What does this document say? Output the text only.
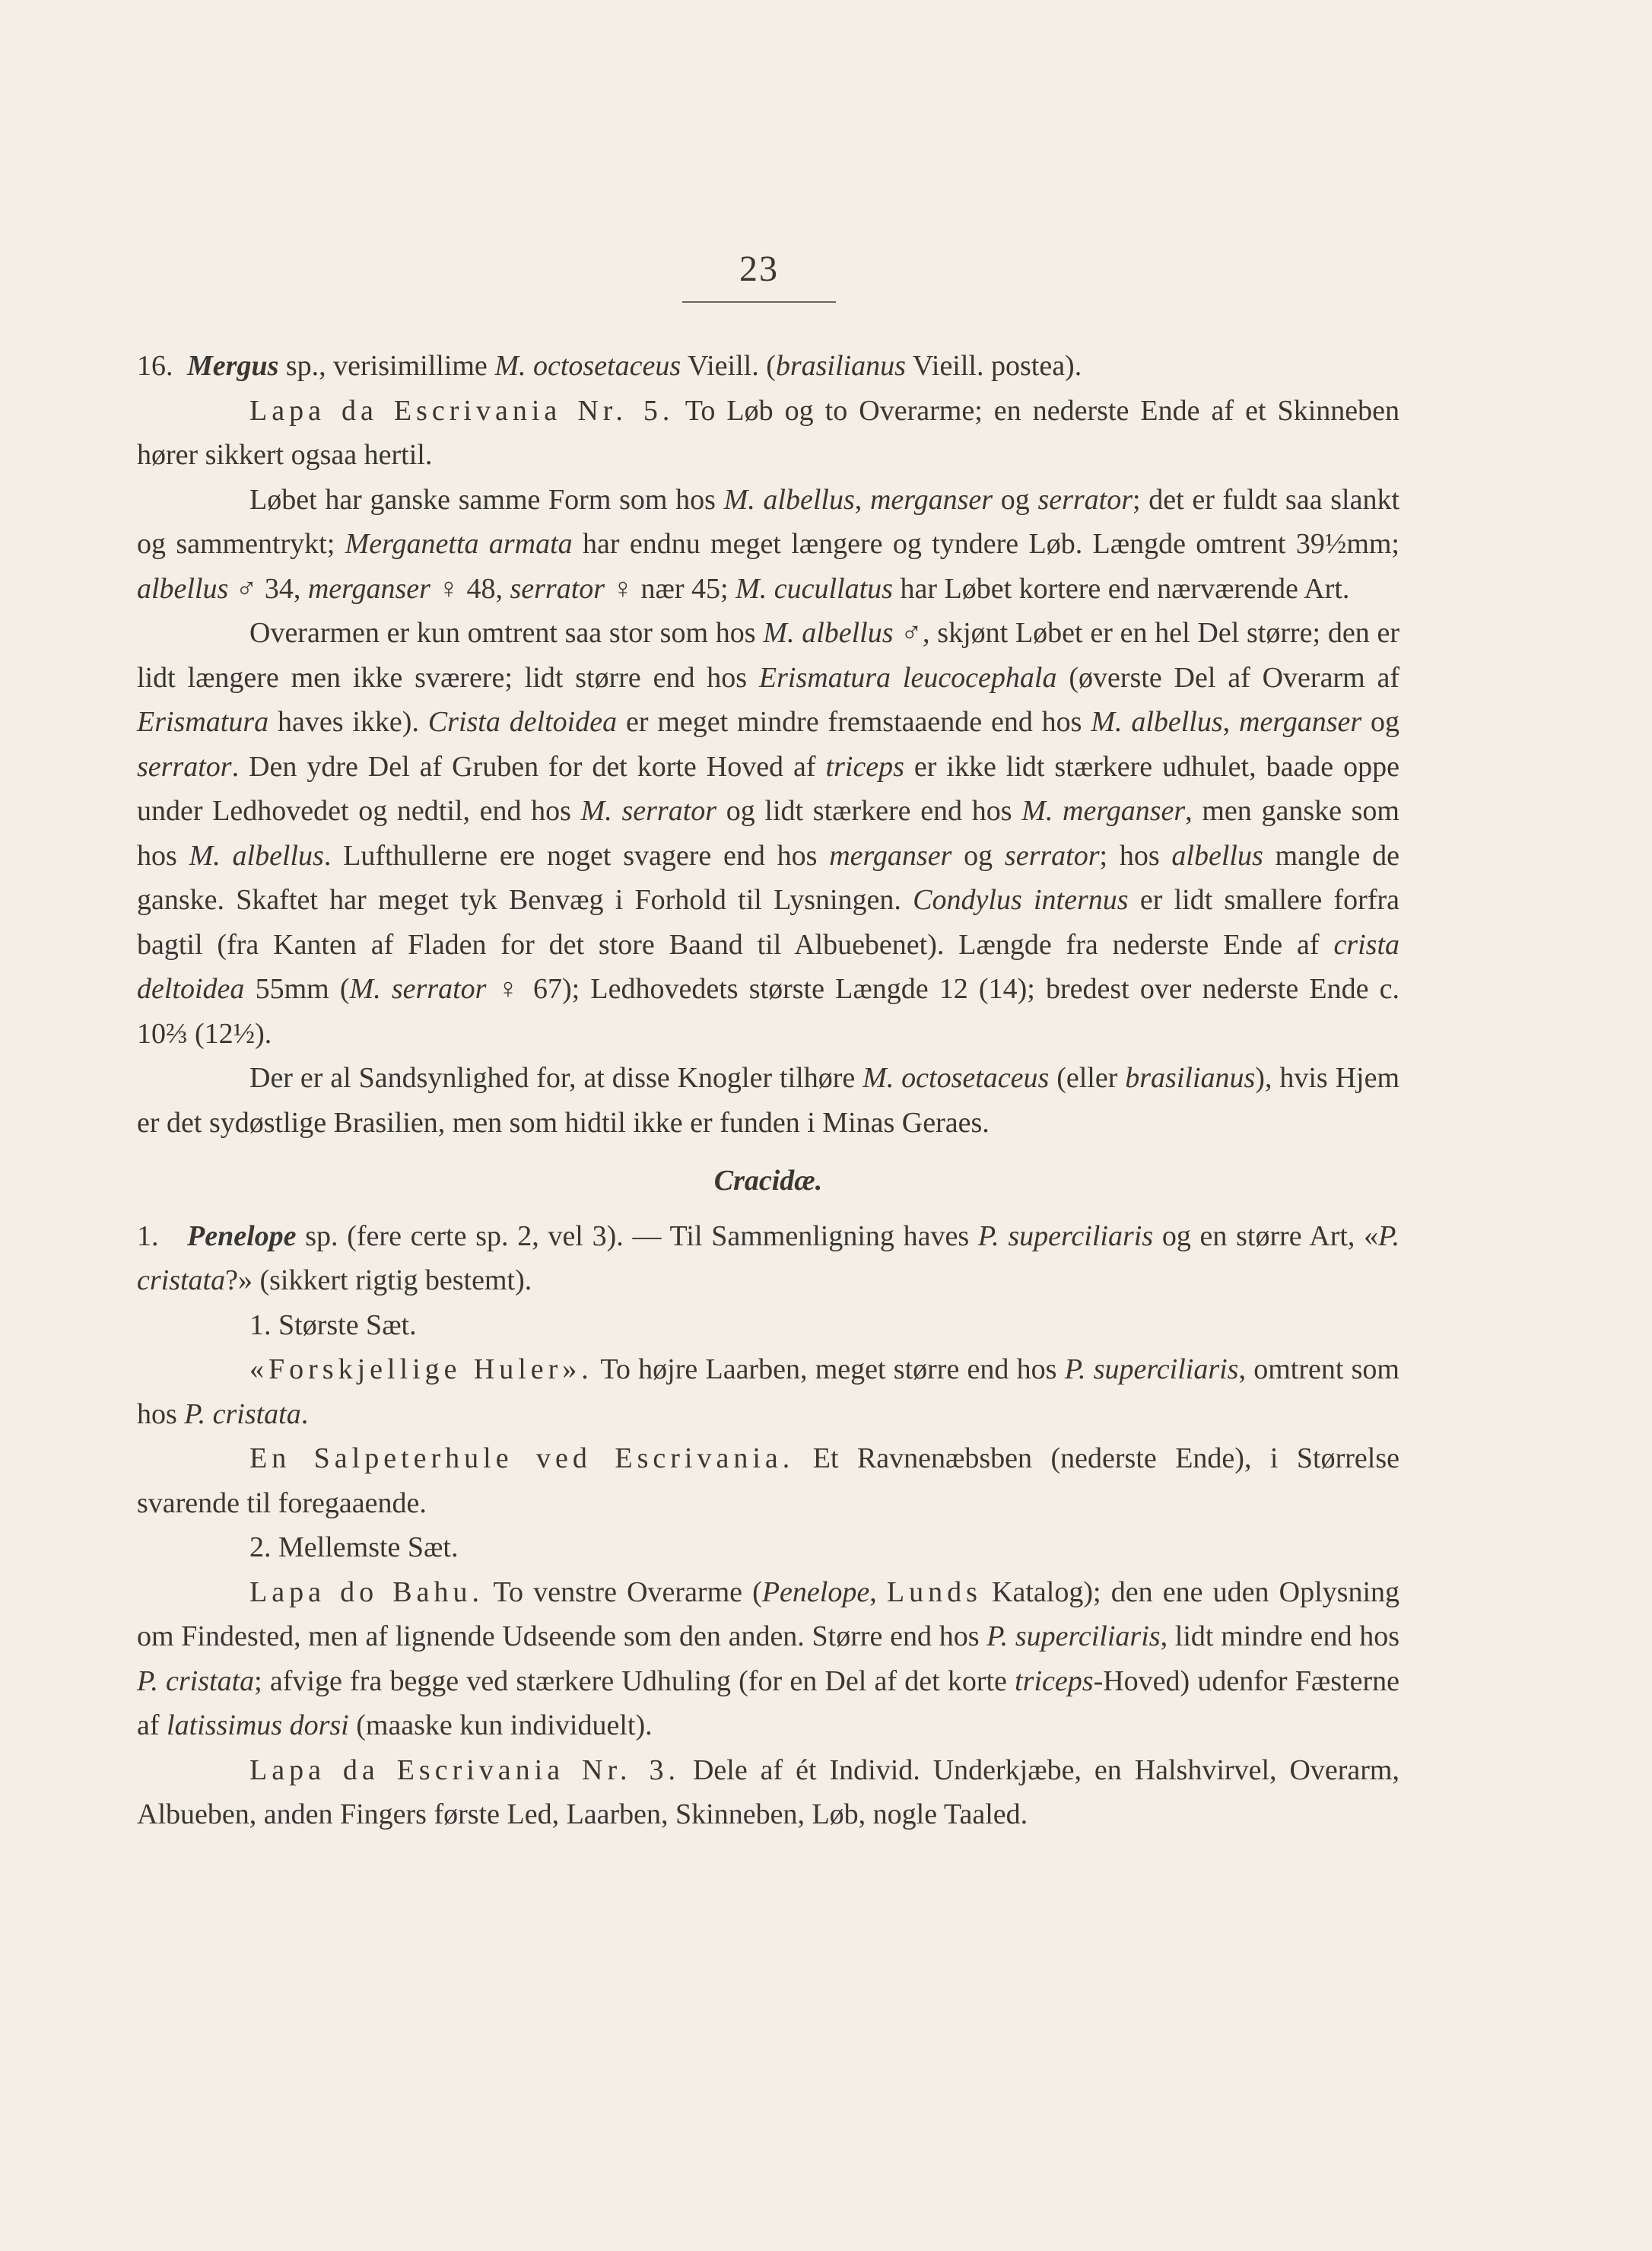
23

16. Mergus sp., verisimillime M. octosetaceus Vieill. (brasilianus Vieill. postea).

Lapa da Escrivania Nr. 5. To Løb og to Overarme; en nederste Ende af et Skinneben hører sikkert ogsaa hertil.

Løbet har ganske samme Form som hos M. albellus, merganser og serrator; det er fuldt saa slankt og sammentrykt; Merganetta armata har endnu meget længere og tyndere Løb. Længde omtrent 39½mm; albellus ♂ 34, merganser ♀ 48, serrator ♀ nær 45; M. cucullatus har Løbet kortere end nærværende Art.

Overarmen er kun omtrent saa stor som hos M. albellus ♂, skjønt Løbet er en hel Del større; den er lidt længere men ikke sværere; lidt større end hos Erismatura leucocephala (øverste Del af Overarm af Erismatura haves ikke). Crista deltoidea er meget mindre fremstaaende end hos M. albellus, merganser og serrator. Den ydre Del af Gruben for det korte Hoved af triceps er ikke lidt stærkere udhulet, baade oppe under Ledhovedet og nedtil, end hos M. serrator og lidt stærkere end hos M. merganser, men ganske som hos M. albellus. Lufthullerne ere noget svagere end hos merganser og serrator; hos albellus mangle de ganske. Skaftet har meget tyk Benvæg i Forhold til Lysningen. Condylus internus er lidt smallere forfra bagtil (fra Kanten af Fladen for det store Baand til Albuebenet). Længde fra nederste Ende af crista deltoidea 55mm (M. serrator ♀ 67); Ledhovedets største Længde 12 (14); bredest over nederste Ende c. 10⅔ (12½).

Der er al Sandsynlighed for, at disse Knogler tilhøre M. octosetaceus (eller brasilianus), hvis Hjem er det sydøstlige Brasilien, men som hidtil ikke er funden i Minas Geraes.

Cracidæ.

1. Penelope sp. (fere certe sp. 2, vel 3). — Til Sammenligning haves P. superciliaris og en større Art, «P. cristata?» (sikkert rigtig bestemt).

1. Største Sæt.

«Forskjellige Huler». To højre Laarben, meget større end hos P. superciliaris, omtrent som hos P. cristata.

En Salpeterhule ved Escrivania. Et Ravnenæbsben (nederste Ende), i Størrelse svarende til foregaaende.

2. Mellemste Sæt.

Lapa do Bahu. To venstre Overarme (Penelope, Lunds Katalog); den ene uden Oplysning om Findested, men af lignende Udseende som den anden. Større end hos P. superciliaris, lidt mindre end hos P. cristata; afvige fra begge ved stærkere Udhuling (for en Del af det korte triceps-Hoved) udenfor Fæsterne af latissimus dorsi (maaske kun individuelt).

Lapa da Escrivania Nr. 3. Dele af ét Individ. Underkjæbe, en Halshvirvel, Overarm, Albueben, anden Fingers første Led, Laarben, Skinneben, Løb, nogle Taaled.
